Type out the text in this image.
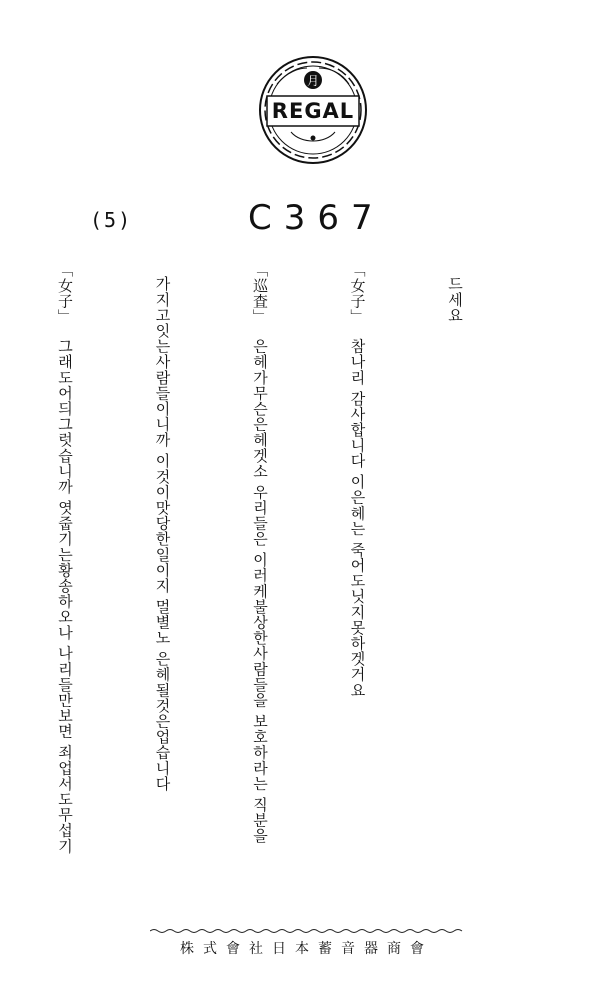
月
REGAL
(5)	C367

드세요

「女子」참나리 감사합니다 이은헤는 죽어도닛지못하겟거요

「巡査」은헤가무슨은헤겟소 우리들은 이러케불상한사람들을 보호하라는 직분을

가지고잇는사람들이니까 이것이맛당한일이지 멀별노 은헤될것은업습니다

「女子」그래도어듸그럿습니까 엿줍기는황송하오나 나리들만보면 죄업서도무섭기

株式會社日本蓄音器商會
